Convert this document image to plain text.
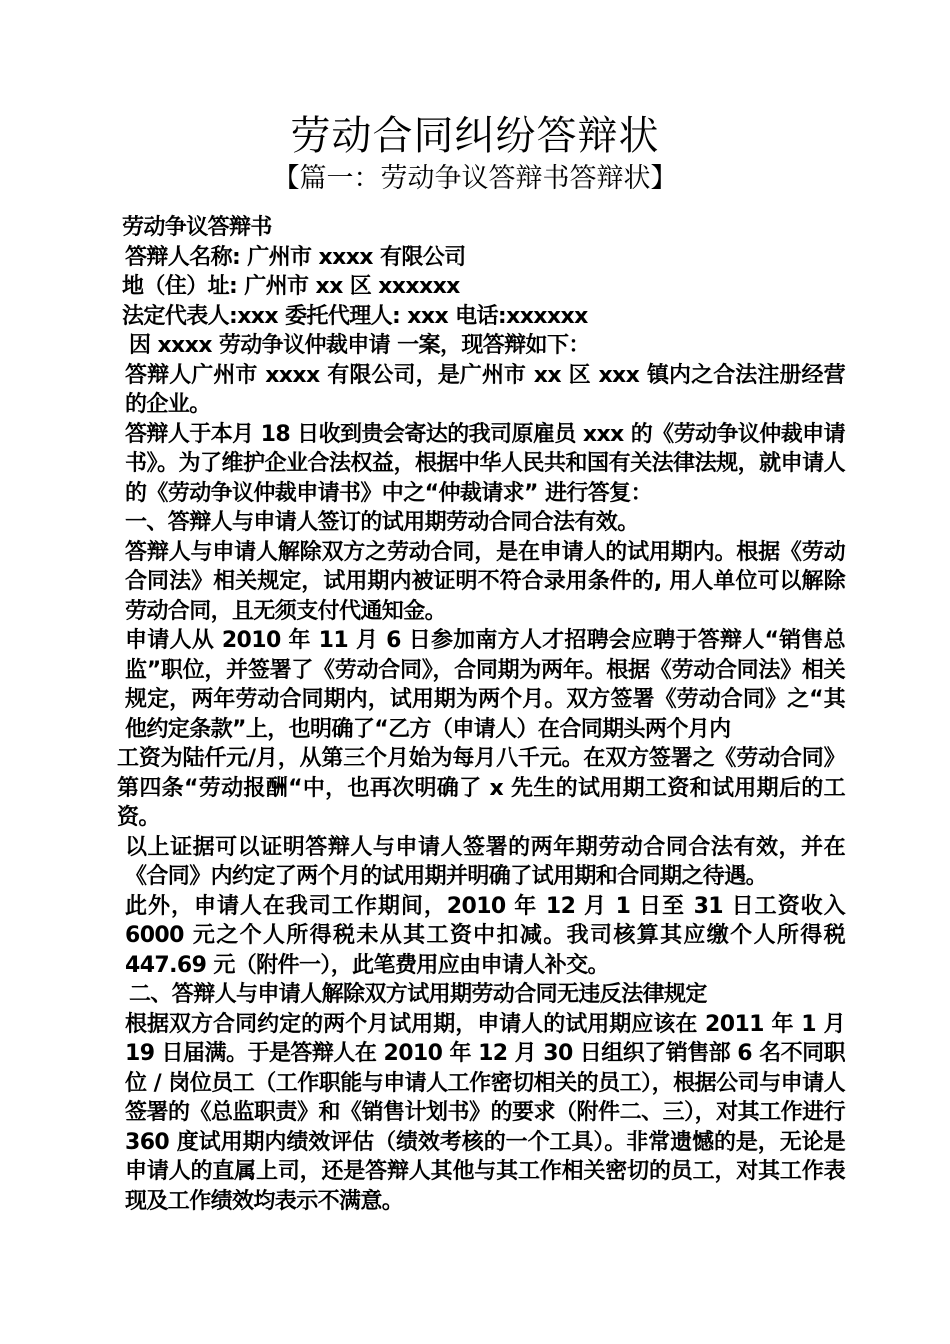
劳动合同纠纷答辩状
【篇一：劳动争议答辩书答辩状】

劳动争议答辩书

答辩人名称: 广州市 xxxx 有限公司

地（住）址: 广州市 xx 区 xxxxxx

法定代表人:xxx 委托代理人: xxx 电话:xxxxxx

因 xxxx 劳动争议仲裁申请 一案，现答辩如下：

答辩人广州市 xxxx 有限公司，是广州市 xx 区 xxx 镇内之合法注册经营的企业。

答辩人于本月 18 日收到贵会寄达的我司原雇员 xxx 的《劳动争议仲裁申请书》。为了维护企业合法权益，根据中华人民共和国有关法律法规，就申请人的《劳动争议仲裁申请书》中之“仲裁请求” 进行答复：

一、答辩人与申请人签订的试用期劳动合同合法有效。

答辩人与申请人解除双方之劳动合同，是在申请人的试用期内。根据《劳动合同法》相关规定，试用期内被证明不符合录用条件的, 用人单位可以解除劳动合同，且无须支付代通知金。

申请人从 2010 年 11 月 6 日参加南方人才招聘会应聘于答辩人“销售总监”职位，并签署了《劳动合同》，合同期为两年。根据《劳动合同法》相关规定，两年劳动合同期内，试用期为两个月。双方签署《劳动合同》之“其他约定条款”上，也明确了“乙方（申请人）在合同期头两个月内

工资为陆仟元/月，从第三个月始为每月八千元。在双方签署之《劳动合同》第四条“劳动报酬“中，也再次明确了 x 先生的试用期工资和试用期后的工资。

以上证据可以证明答辩人与申请人签署的两年期劳动合同合法有效，并在《合同》内约定了两个月的试用期并明确了试用期和合同期之待遇。

此外，申请人在我司工作期间，2010 年 12 月 1 日至 31 日工资收入 6000 元之个人所得税未从其工资中扣减。我司核算其应缴个人所得税 447.69 元（附件一），此笔费用应由申请人补交。

二、答辩人与申请人解除双方试用期劳动合同无违反法律规定

根据双方合同约定的两个月试用期，申请人的试用期应该在 2011 年 1 月 19 日届满。于是答辩人在 2010 年 12 月 30 日组织了销售部 6 名不同职位 / 岗位员工（工作职能与申请人工作密切相关的员工），根据公司与申请人签署的《总监职责》和《销售计划书》的要求（附件二、三），对其工作进行 360 度试用期内绩效评估（绩效考核的一个工具）。非常遗憾的是，无论是申请人的直属上司，还是答辩人其他与其工作相关密切的员工，对其工作表现及工作绩效均表示不满意。
